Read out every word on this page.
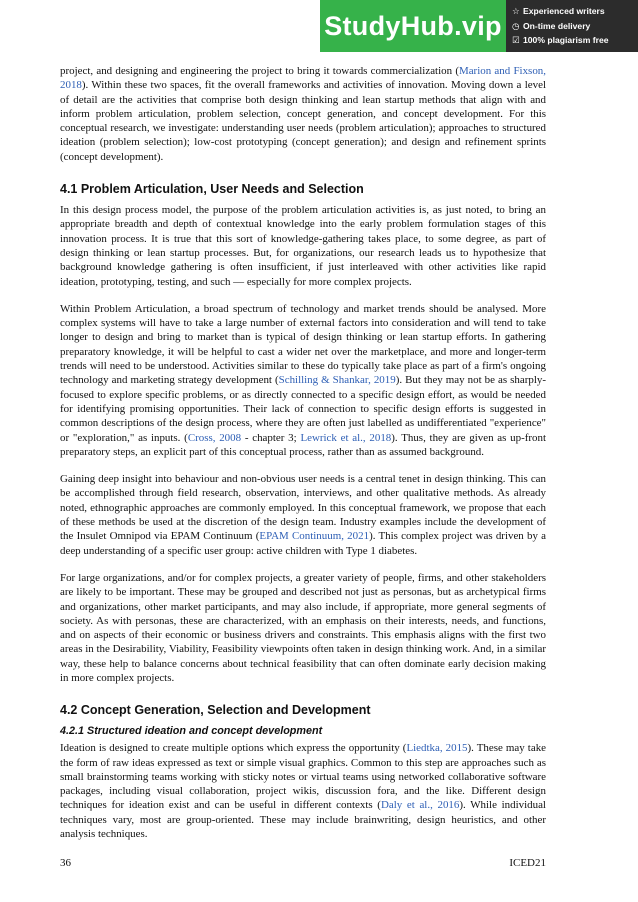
StudyHub.vip	☆ Experienced writers
◷ On-time delivery
☑ 100% plagiarism free

project, and designing and engineering the project to bring it towards commercialization (Marion and Fixson, 2018). Within these two spaces, fit the overall frameworks and activities of innovation. Moving down a level of detail are the activities that comprise both design thinking and lean startup methods that align with and inform problem articulation, problem selection, concept generation, and concept development. For this conceptual research, we investigate: understanding user needs (problem articulation); approaches to structured ideation (problem selection); low-cost prototyping (concept generation); and design and refinement sprints (concept development).

4.1 Problem Articulation, User Needs and Selection

In this design process model, the purpose of the problem articulation activities is, as just noted, to bring an appropriate breadth and depth of contextual knowledge into the early problem formulation stages of this innovation process. It is true that this sort of knowledge-gathering takes place, to some degree, as part of design thinking or lean startup processes. But, for organizations, our research leads us to hypothesize that background knowledge gathering is often insufficient, if just interleaved with other activities like rapid ideation, prototyping, testing, and such — especially for more complex projects.

Within Problem Articulation, a broad spectrum of technology and market trends should be analysed. More complex systems will have to take a large number of external factors into consideration and will tend to take longer to design and bring to market than is typical of design thinking or lean startup efforts. In gathering preparatory knowledge, it will be helpful to cast a wider net over the marketplace, and more and longer-term trends will need to be understood. Activities similar to these do typically take place as part of a firm's ongoing technology and marketing strategy development (Schilling & Shankar, 2019). But they may not be as sharply-focused to explore specific problems, or as directly connected to a specific design effort, as would be needed for identifying promising opportunities. Their lack of connection to specific design efforts is suggested in common descriptions of the design process, where they are often just labelled as undifferentiated "experience" or "exploration," as inputs. (Cross, 2008 - chapter 3; Lewrick et al., 2018). Thus, they are given as up-front preparatory steps, an explicit part of this conceptual process, rather than as assumed background.

Gaining deep insight into behaviour and non-obvious user needs is a central tenet in design thinking. This can be accomplished through field research, observation, interviews, and other qualitative methods. As already noted, ethnographic approaches are commonly employed. In this conceptual framework, we propose that each of these methods be used at the discretion of the design team. Industry examples include the development of the Insulet Omnipod via EPAM Continuum (EPAM Continuum, 2021). This complex project was driven by a deep understanding of a specific user group: active children with Type 1 diabetes.

For large organizations, and/or for complex projects, a greater variety of people, firms, and other stakeholders are likely to be important. These may be grouped and described not just as personas, but as archetypical firms and organizations, other market participants, and may also include, if appropriate, more general segments of society. As with personas, these are characterized, with an emphasis on their interests, needs, and functions, and on aspects of their economic or business drivers and constraints. This emphasis aligns with the first two areas in the Desirability, Viability, Feasibility viewpoints often taken in design thinking work. And, in a similar way, these help to balance concerns about technical feasibility that can often dominate early decision making in more complex projects.

4.2 Concept Generation, Selection and Development
4.2.1 Structured ideation and concept development

Ideation is designed to create multiple options which express the opportunity (Liedtka, 2015). These may take the form of raw ideas expressed as text or simple visual graphics. Common to this step are approaches such as small brainstorming teams working with sticky notes or virtual teams using networked collaborative software packages, including visual collaboration, project wikis, discussion fora, and the like. Different design techniques for ideation exist and can be useful in different contexts (Daly et al., 2016). While individual techniques vary, most are group-oriented. These may include brainwriting, design heuristics, and other analysis techniques.

36	ICED21
